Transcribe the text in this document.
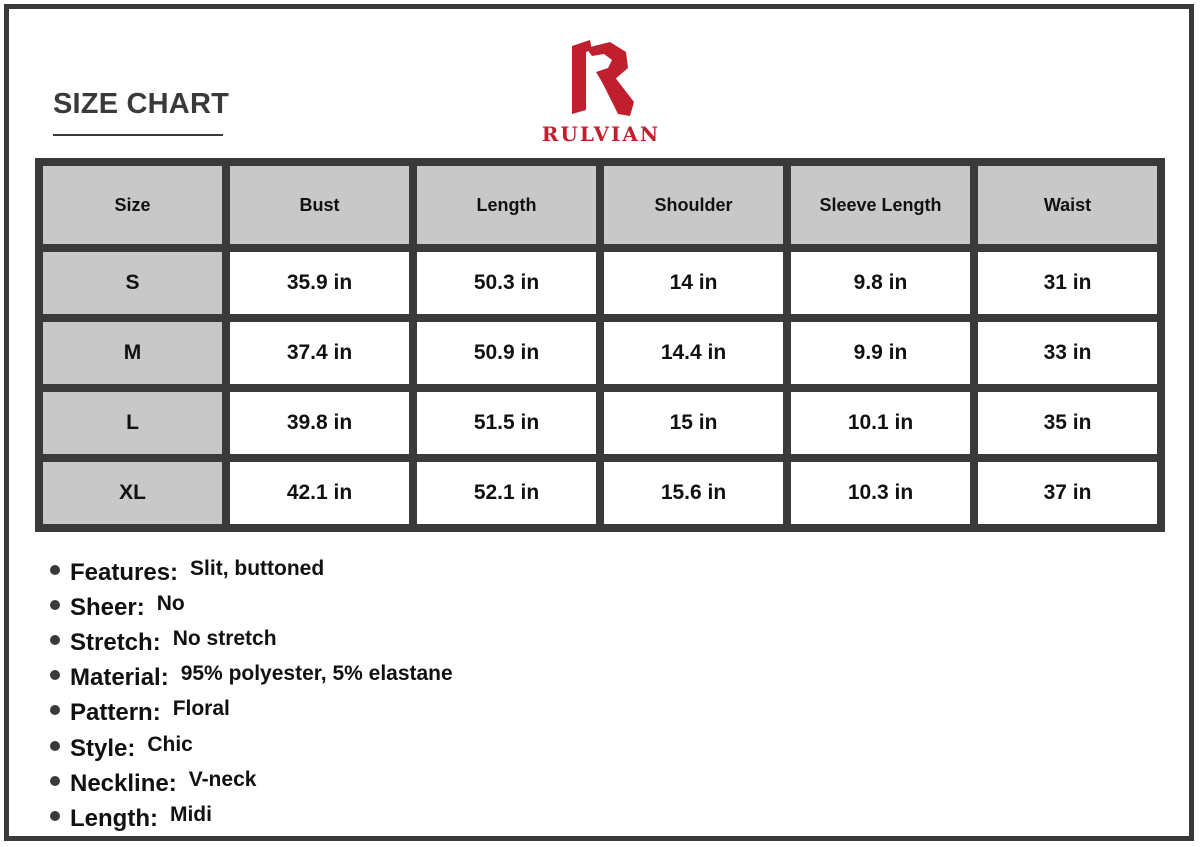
SIZE CHART
RULVIAN
Size	Bust	Length	Shoulder	Sleeve Length	Waist
S	35.9 in	50.3 in	14 in	9.8 in	31 in
M	37.4 in	50.9 in	14.4 in	9.9 in	33 in
L	39.8 in	51.5 in	15 in	10.1 in	35 in
XL	42.1 in	52.1 in	15.6 in	10.3 in	37 in
Features: Slit, buttoned
Sheer: No
Stretch: No stretch
Material: 95% polyester, 5% elastane
Pattern: Floral
Style: Chic
Neckline: V-neck
Length: Midi
